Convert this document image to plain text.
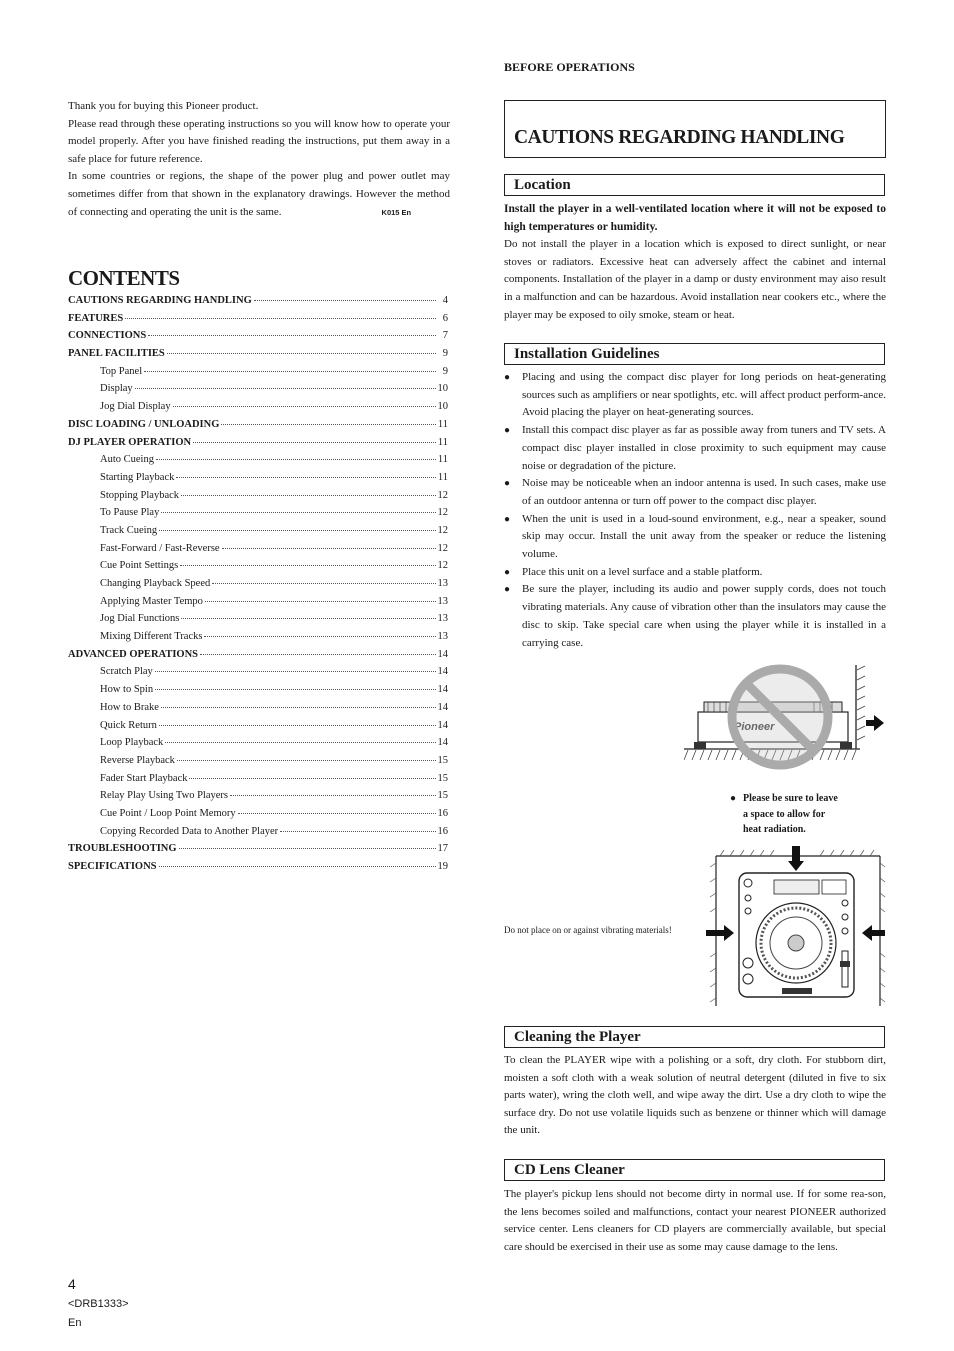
Thank you for buying this Pioneer product.

Please read through these operating instructions so you will know how to operate your model properly. After you have finished reading the instructions, put them away in a safe place for future reference.

In some countries or regions, the shape of the power plug and power outlet may sometimes differ from that shown in the explanatory drawings. However the method of connecting and operating the unit is the same.	K015 En

CONTENTS
CAUTIONS REGARDING HANDLING	4
FEATURES	6
CONNECTIONS	7
PANEL FACILITIES	9
Top Panel	9
Display	10
Jog Dial Display	10
DISC LOADING / UNLOADING	11
DJ PLAYER OPERATION	11
Auto Cueing	11
Starting Playback	11
Stopping Playback	12
To Pause Play	12
Track Cueing	12
Fast-Forward / Fast-Reverse	12
Cue Point Settings	12
Changing Playback Speed	13
Applying Master Tempo	13
Jog Dial Functions	13
Mixing Different Tracks	13
ADVANCED OPERATIONS	14
Scratch Play	14
How to Spin	14
How to Brake	14
Quick Return	14
Loop Playback	14
Reverse Playback	15
Fader Start Playback	15
Relay Play Using Two Players	15
Cue Point / Loop Point Memory	16
Copying Recorded Data to Another Player	16
TROUBLESHOOTING	17
SPECIFICATIONS	19
BEFORE OPERATIONS
CAUTIONS REGARDING HANDLING
Location

Install the player in a well-ventilated location where it will not be exposed to high temperatures or humidity.

Do not install the player in a location which is exposed to direct sunlight, or near stoves or radiators. Excessive heat can adversely affect the cabinet and internal components. Installation of the player in a damp or dusty environment may aiso result in a malfunction and can be hazardous. Avoid installation near cookers etc., where the player may be exposed to oily smoke, steam or heat.

Installation Guidelines
● Placing and using the compact disc player for long periods on heat-generating sources such as amplifiers or near spotlights, etc. will affect product perform-ance. Avoid placing the player on heat-generating sources.
● Install this compact disc player as far as possible away from tuners and TV sets. A compact disc player installed in close proximity to such equipment may cause noise or degradation of the picture.
● Noise may be noticeable when an indoor antenna is used. In such cases, make use of an outdoor antenna or turn off power to the compact disc player.
● When the unit is used in a loud-sound environment, e.g., near a speaker, sound skip may occur. Install the unit away from the speaker or reduce the listening volume.
● Place this unit on a level surface and a stable platform.
● Be sure the player, including its audio and power supply cords, does not touch vibrating materials. Any cause of vibration other than the insulators may cause the disc to skip. Take special care when using the player while it is installed in a carrying case.
● Please be sure to leave
a space to allow for
heat radiation.
Do not place on or against vibrating materials!
Cleaning the Player
To clean the PLAYER wipe with a polishing or a soft, dry cloth. For stubborn dirt, moisten a soft cloth with a weak solution of neutral detergent (diluted in five to six parts water), wring the cloth well, and wipe away the dirt. Use a dry cloth to wipe the surface dry. Do not use volatile liquids such as benzene or thinner which will damage the unit.
CD Lens Cleaner
The player's pickup lens should not become dirty in normal use. If for some rea-son, the lens becomes soiled and malfunctions, contact your nearest PIONEER authorized service center. Lens cleaners for CD players are commercially available, but special care should be exercised in their use as some may cause damage to the lens.
4
<DRB1333>
En
